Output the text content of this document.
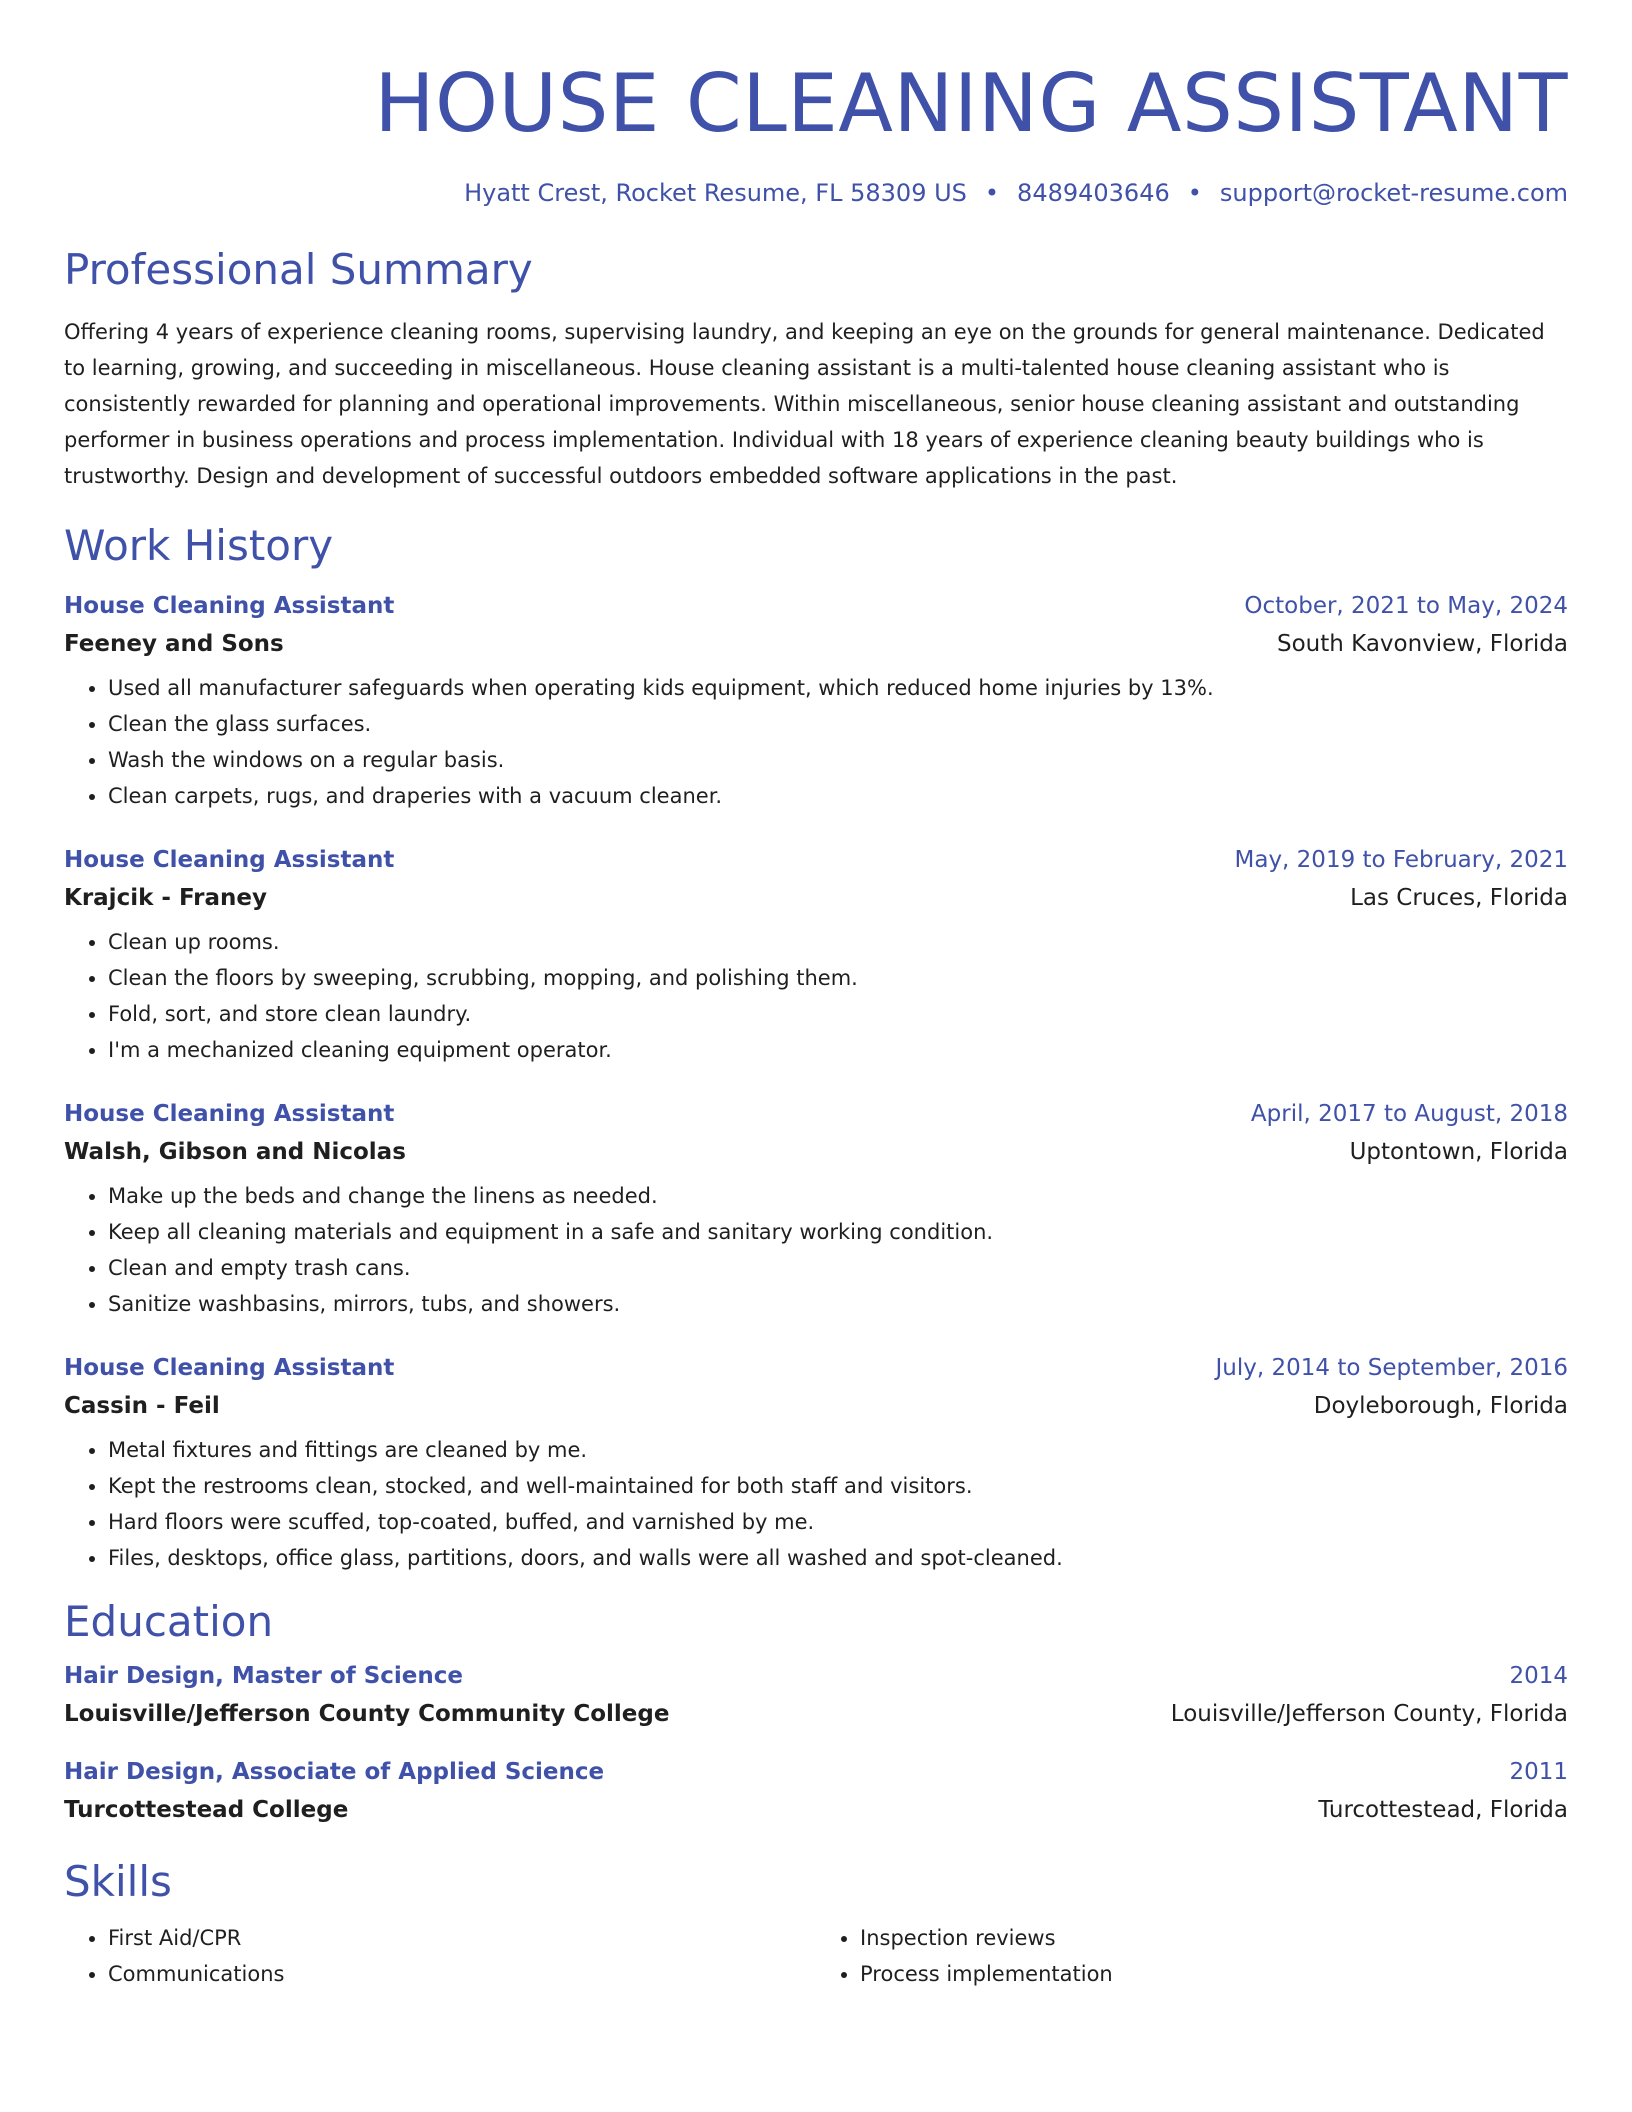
HOUSE CLEANING ASSISTANT
Hyatt Crest, Rocket Resume, FL 58309 US • 8489403646 • support@rocket-resume.com
Professional Summary

Offering 4 years of experience cleaning rooms, supervising laundry, and keeping an eye on the grounds for general maintenance. Dedicated to learning, growing, and succeeding in miscellaneous. House cleaning assistant is a multi-talented house cleaning assistant who is consistently rewarded for planning and operational improvements. Within miscellaneous, senior house cleaning assistant and outstanding performer in business operations and process implementation. Individual with 18 years of experience cleaning beauty buildings who is trustworthy. Design and development of successful outdoors embedded software applications in the past.

Work History
House Cleaning Assistant	October, 2021 to May, 2024
Feeney and Sons	South Kavonview, Florida
• Used all manufacturer safeguards when operating kids equipment, which reduced home injuries by 13%.
• Clean the glass surfaces.
• Wash the windows on a regular basis.
• Clean carpets, rugs, and draperies with a vacuum cleaner.
House Cleaning Assistant	May, 2019 to February, 2021
Krajcik - Franey	Las Cruces, Florida
• Clean up rooms.
• Clean the floors by sweeping, scrubbing, mopping, and polishing them.
• Fold, sort, and store clean laundry.
• I'm a mechanized cleaning equipment operator.
House Cleaning Assistant	April, 2017 to August, 2018
Walsh, Gibson and Nicolas	Uptontown, Florida
• Make up the beds and change the linens as needed.
• Keep all cleaning materials and equipment in a safe and sanitary working condition.
• Clean and empty trash cans.
• Sanitize washbasins, mirrors, tubs, and showers.
House Cleaning Assistant	July, 2014 to September, 2016
Cassin - Feil	Doyleborough, Florida
• Metal fixtures and fittings are cleaned by me.
• Kept the restrooms clean, stocked, and well-maintained for both staff and visitors.
• Hard floors were scuffed, top-coated, buffed, and varnished by me.
• Files, desktops, office glass, partitions, doors, and walls were all washed and spot-cleaned.
Education
Hair Design, Master of Science	2014
Louisville/Jefferson County Community College	Louisville/Jefferson County, Florida
Hair Design, Associate of Applied Science	2011
Turcottestead College	Turcottestead, Florida
Skills
• First Aid/CPR
• Communications
• Inspection reviews
• Process implementation
